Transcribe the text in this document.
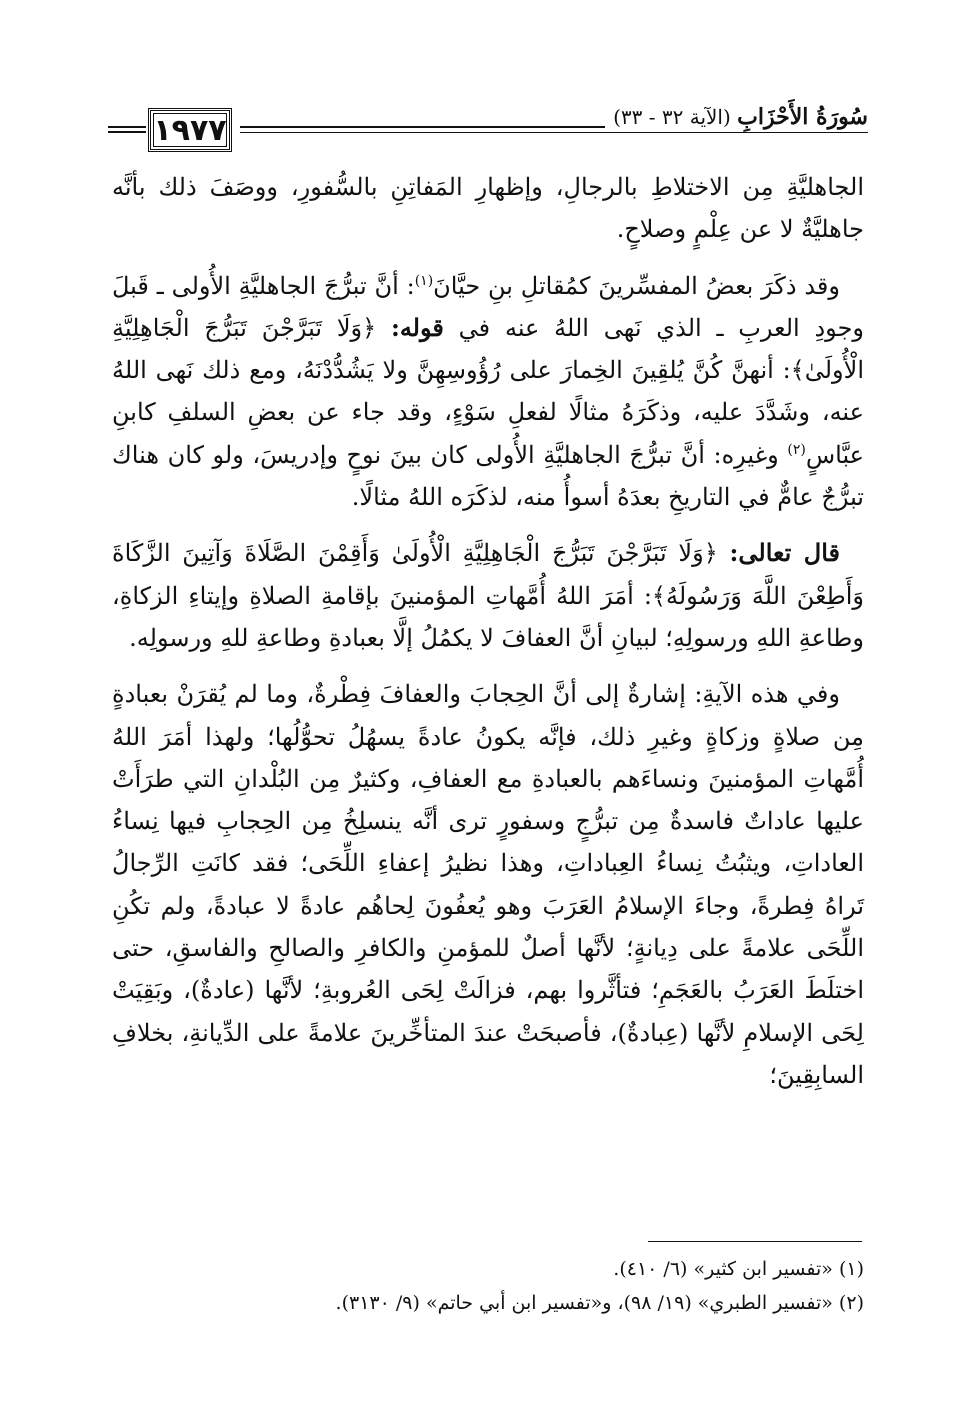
١٩٧٧	سُورَةُ الأَحْزَابِ (الآية ٣٢ - ٣٣)

الجاهليَّةِ مِن الاختلاطِ بالرجالِ، وإظهارِ المَفاتِنِ بالسُّفورِ، ووصَفَ ذلك بأنَّه جاهليَّةٌ لا عن عِلْمٍ وصلاحٍ.

وقد ذكَرَ بعضُ المفسِّرينَ كمُقاتلِ بنِ حيَّانَ$^{(١)}$: أنَّ تبرُّجَ الجاهليَّةِ الأُولى ـ قَبلَ وجودِ العربِ ـ الذي نَهى اللهُ عنه في قوله: ﴿وَلَا تَبَرَّجْنَ تَبَرُّجَ الْجَاهِلِيَّةِ الْأُولَىٰ﴾: أنهنَّ كُنَّ يُلقِينَ الخِمارَ على رُؤُوسِهِنَّ ولا يَشُدُّدْنَهُ، ومع ذلك نَهى اللهُ عنه، وشَدَّدَ عليه، وذكَرَهُ مثالًا لفعلِ سَوْءٍ، وقد جاء عن بعضِ السلفِ كابنِ عبَّاسٍ$^{(٢)}$ وغيرِه: أنَّ تبرُّجَ الجاهليَّةِ الأُولى كان بينَ نوحٍ وإدريسَ، ولو كان هناك تبرُّجٌ عامٌّ في التاريخِ بعدَهُ أسوأُ منه، لذكَرَه اللهُ مثالًا.

قال تعالى: ﴿وَلَا تَبَرَّجْنَ تَبَرُّجَ الْجَاهِلِيَّةِ الْأُولَىٰ وَأَقِمْنَ الصَّلَاةَ وَآتِينَ الزَّكَاةَ وَأَطِعْنَ اللَّهَ وَرَسُولَهُ﴾: أمَرَ اللهُ أُمَّهاتِ المؤمنينَ بإقامةِ الصلاةِ وإيتاءِ الزكاةِ، وطاعةِ اللهِ ورسولِهِ؛ لبيانِ أنَّ العفافَ لا يكمُلُ إلَّا بعبادةِ وطاعةِ للهِ ورسولِه.

وفي هذه الآيةِ: إشارةٌ إلى أنَّ الحِجابَ والعفافَ فِطْرةٌ، وما لم يُقرَنْ بعبادةٍ مِن صلاةٍ وزكاةٍ وغيرِ ذلك، فإنَّه يكونُ عادةً يسهُلُ تحوُّلُها؛ ولهذا أمَرَ اللهُ أُمَّهاتِ المؤمنينَ ونساءَهم بالعبادةِ مع العفافِ، وكثيرٌ مِن البُلْدانِ التي طرَأَتْ عليها عاداتٌ فاسدةٌ مِن تبرُّجٍ وسفورٍ ترى أنَّه ينسلِخُ مِن الحِجابِ فيها نِساءُ العاداتِ، ويثبُتُ نِساءُ العِباداتِ، وهذا نظيرُ إعفاءِ اللِّحَى؛ فقد كانَتِ الرِّجالُ تَراهُ فِطرةً، وجاءَ الإسلامُ العَرَبَ وهو يُعفُونَ لِحاهُم عادةً لا عبادةً، ولم تكُنِ اللِّحَى علامةً على دِيانةٍ؛ لأنَّها أصلٌ للمؤمنِ والكافرِ والصالحِ والفاسقِ، حتى اختلَطَ العَرَبُ بالعَجَمِ؛ فتأثَّروا بهم، فزالَتْ لِحَى العُروبةِ؛ لأنَّها (عادةٌ)، وبَقِيَتْ لِحَى الإسلامِ لأنَّها (عِبادةٌ)، فأصبحَتْ عندَ المتأخِّرينَ علامةً على الدِّيانةِ، بخلافِ السابِقِينَ؛

(١) «تفسير ابن كثير» (٦/ ٤١٠).
(٢) «تفسير الطبري» (١٩/ ٩٨)، و«تفسير ابن أبي حاتم» (٩/ ٣١٣٠).
